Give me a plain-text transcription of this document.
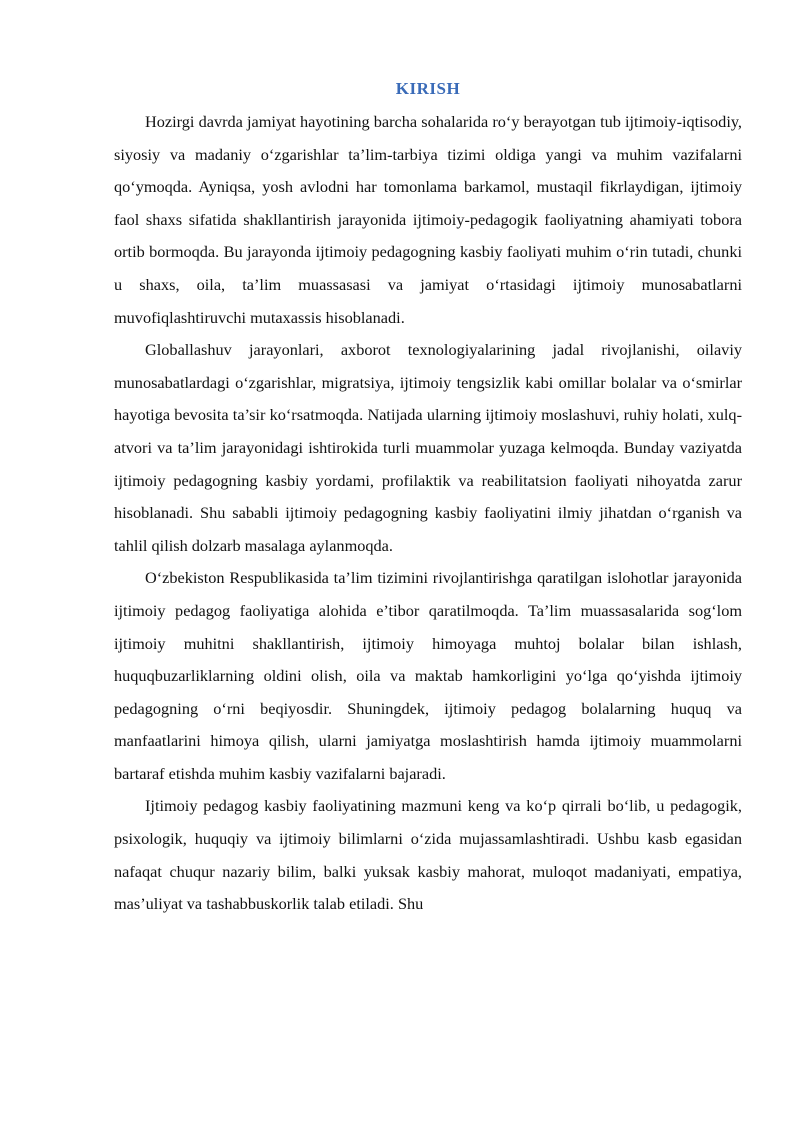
KIRISH

Hozirgi davrda jamiyat hayotining barcha sohalarida ro‘y berayotgan tub ijtimoiy-iqtisodiy, siyosiy va madaniy o‘zgarishlar ta’lim-tarbiya tizimi oldiga yangi va muhim vazifalarni qo‘ymoqda. Ayniqsa, yosh avlodni har tomonlama barkamol, mustaqil fikrlaydigan, ijtimoiy faol shaxs sifatida shakllantirish jarayonida ijtimoiy-pedagogik faoliyatning ahamiyati tobora ortib bormoqda. Bu jarayonda ijtimoiy pedagogning kasbiy faoliyati muhim o‘rin tutadi, chunki u shaxs, oila, ta’lim muassasasi va jamiyat o‘rtasidagi ijtimoiy munosabatlarni muvofiqlashtiruvchi mutaxassis hisoblanadi.

Globallashuv jarayonlari, axborot texnologiyalarining jadal rivojlanishi, oilaviy munosabatlardagi o‘zgarishlar, migratsiya, ijtimoiy tengsizlik kabi omillar bolalar va o‘smirlar hayotiga bevosita ta’sir ko‘rsatmoqda. Natijada ularning ijtimoiy moslashuvi, ruhiy holati, xulq-atvori va ta’lim jarayonidagi ishtirokida turli muammolar yuzaga kelmoqda. Bunday vaziyatda ijtimoiy pedagogning kasbiy yordami, profilaktik va reabilitatsion faoliyati nihoyatda zarur hisoblanadi. Shu sababli ijtimoiy pedagogning kasbiy faoliyatini ilmiy jihatdan o‘rganish va tahlil qilish dolzarb masalaga aylanmoqda.

O‘zbekiston Respublikasida ta’lim tizimini rivojlantirishga qaratilgan islohotlar jarayonida ijtimoiy pedagog faoliyatiga alohida e’tibor qaratilmoqda. Ta’lim muassasalarida sog‘lom ijtimoiy muhitni shakllantirish, ijtimoiy himoyaga muhtoj bolalar bilan ishlash, huquqbuzarliklarning oldini olish, oila va maktab hamkorligini yo‘lga qo‘yishda ijtimoiy pedagogning o‘rni beqiyosdir. Shuningdek, ijtimoiy pedagog bolalarning huquq va manfaatlarini himoya qilish, ularni jamiyatga moslashtirish hamda ijtimoiy muammolarni bartaraf etishda muhim kasbiy vazifalarni bajaradi.

Ijtimoiy pedagog kasbiy faoliyatining mazmuni keng va ko‘p qirrali bo‘lib, u pedagogik, psixologik, huquqiy va ijtimoiy bilimlarni o‘zida mujassamlashtiradi. Ushbu kasb egasidan nafaqat chuqur nazariy bilim, balki yuksak kasbiy mahorat, muloqot madaniyati, empatiya, mas’uliyat va tashabbuskorlik talab etiladi. Shu
